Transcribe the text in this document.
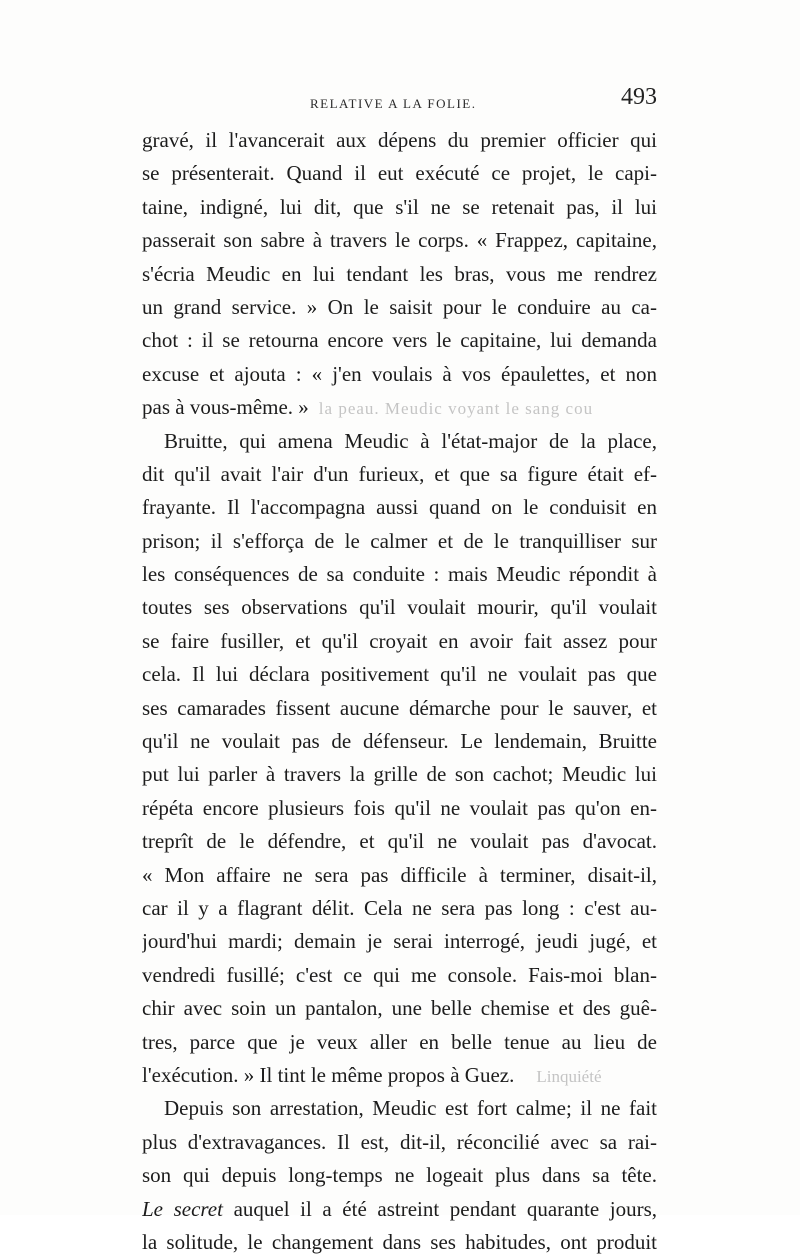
RELATIVE A LA FOLIE.	493
gravé, il l'avancerait aux dépens du premier officier qui
se présenterait. Quand il eut exécuté ce projet, le capi-
taine, indigné, lui dit, que s'il ne se retenait pas, il lui
passerait son sabre à travers le corps. « Frappez, capitaine,
s'écria Meudic en lui tendant les bras, vous me rendrez
un grand service. » On le saisit pour le conduire au ca-
chot : il se retourna encore vers le capitaine, lui demanda
excuse et ajouta : « j'en voulais à vos épaulettes, et non
pas à vous-même. » la peau. Meudic voyant le sang cou
Bruitte, qui amena Meudic à l'état-major de la place,
dit qu'il avait l'air d'un furieux, et que sa figure était ef-
frayante. Il l'accompagna aussi quand on le conduisit en
prison; il s'efforça de le calmer et de le tranquilliser sur
les conséquences de sa conduite : mais Meudic répondit à
toutes ses observations qu'il voulait mourir, qu'il voulait
se faire fusiller, et qu'il croyait en avoir fait assez pour
cela. Il lui déclara positivement qu'il ne voulait pas que
ses camarades fissent aucune démarche pour le sauver, et
qu'il ne voulait pas de défenseur. Le lendemain, Bruitte
put lui parler à travers la grille de son cachot; Meudic lui
répéta encore plusieurs fois qu'il ne voulait pas qu'on en-
treprît de le défendre, et qu'il ne voulait pas d'avocat.
« Mon affaire ne sera pas difficile à terminer, disait-il,
car il y a flagrant délit. Cela ne sera pas long : c'est au-
jourd'hui mardi; demain je serai interrogé, jeudi jugé, et
vendredi fusillé; c'est ce qui me console. Fais-moi blan-
chir avec soin un pantalon, une belle chemise et des guê-
tres, parce que je veux aller en belle tenue au lieu de
l'exécution. » Il tint le même propos à Guez. Linquiété
Depuis son arrestation, Meudic est fort calme; il ne fait
plus d'extravagances. Il est, dit-il, réconcilié avec sa rai-
son qui depuis long-temps ne logeait plus dans sa tête.
Le secret auquel il a été astreint pendant quarante jours,
la solitude, le changement dans ses habitudes, ont produit
